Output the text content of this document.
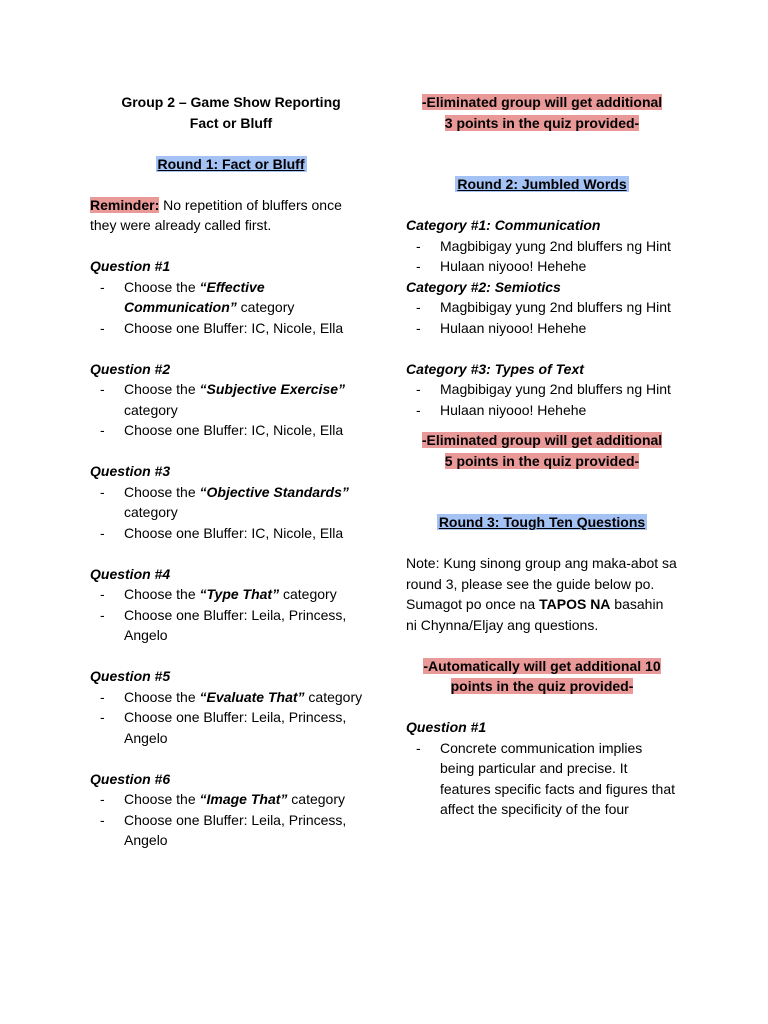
Group 2 – Game Show Reporting
Fact or Bluff

Round 1: Fact or Bluff

Reminder: No repetition of bluffers once they were already called first.

Question #1

- Choose the “Effective Communication” category
- Choose one Bluffer: IC, Nicole, Ella

Question #2

- Choose the “Subjective Exercise” category
- Choose one Bluffer: IC, Nicole, Ella

Question #3

- Choose the “Objective Standards” category
- Choose one Bluffer: IC, Nicole, Ella

Question #4

- Choose the “Type That” category
- Choose one Bluffer: Leila, Princess, Angelo

Question #5

- Choose the “Evaluate That” category
- Choose one Bluffer: Leila, Princess, Angelo

Question #6

- Choose the “Image That” category
- Choose one Bluffer: Leila, Princess, Angelo

-Eliminated group will get additional
3 points in the quiz provided-

Round 2: Jumbled Words

Category #1: Communication

- Magbibigay yung 2nd bluffers ng Hint
- Hulaan niyooo! Hehehe

Category #2: Semiotics

- Magbibigay yung 2nd bluffers ng Hint
- Hulaan niyooo! Hehehe

Category #3: Types of Text

- Magbibigay yung 2nd bluffers ng Hint
- Hulaan niyooo! Hehehe

-Eliminated group will get additional
5 points in the quiz provided-

Round 3: Tough Ten Questions

Note: Kung sinong group ang maka-abot sa round 3, please see the guide below po. Sumagot po once na TAPOS NA basahin ni Chynna/Eljay ang questions.

-Automatically will get additional 10
points in the quiz provided-

Question #1

- Concrete communication implies being particular and precise. It features specific facts and figures that affect the specificity of the four
